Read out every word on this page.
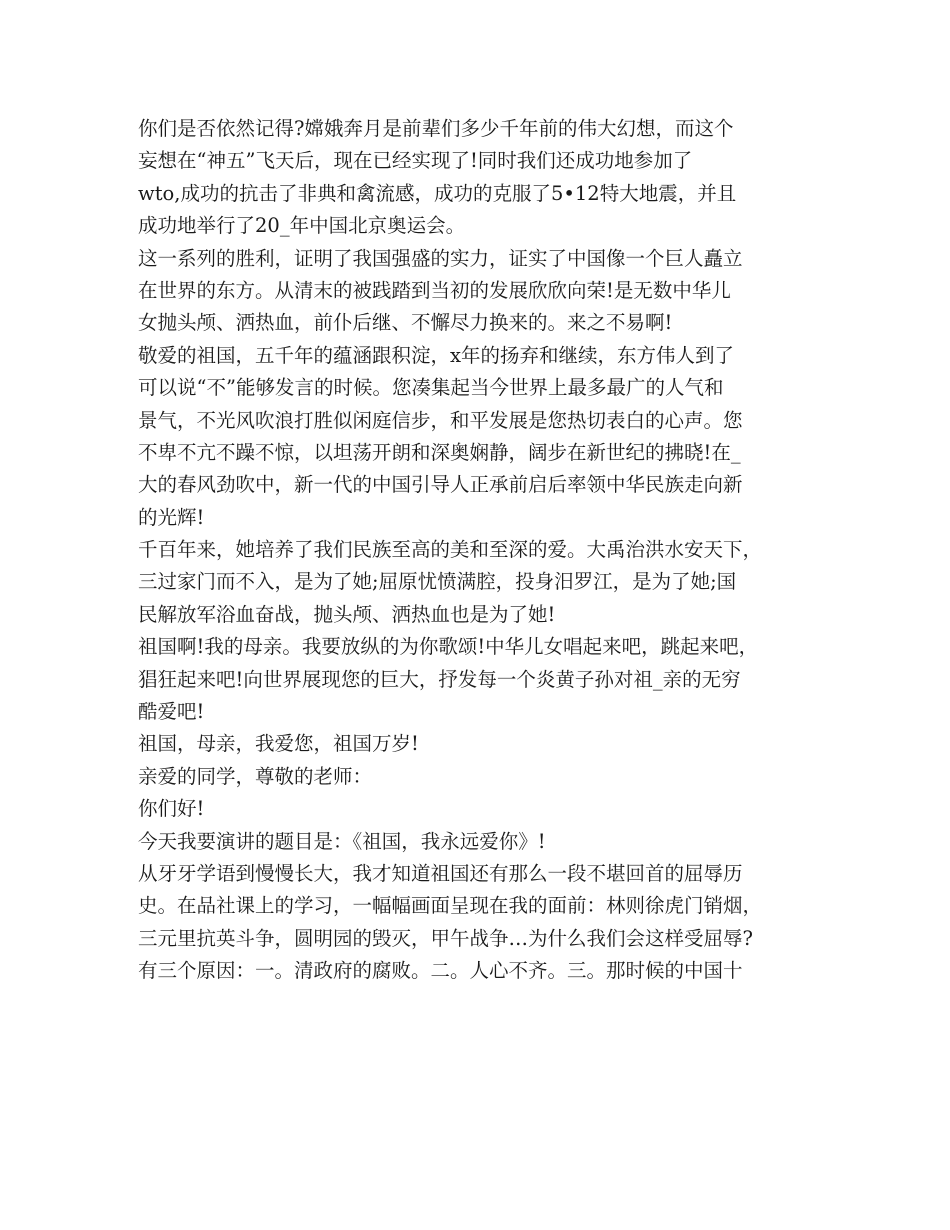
你们是否依然记得?嫦娥奔月是前辈们多少千年前的伟大幻想，而这个
妄想在“神五”飞天后，现在已经实现了!同时我们还成功地参加了
wto,成功的抗击了非典和禽流感，成功的克服了5•12特大地震，并且
成功地举行了20_年中国北京奥运会。
这一系列的胜利，证明了我国强盛的实力，证实了中国像一个巨人矗立
在世界的东方。从清末的被践踏到当初的发展欣欣向荣!是无数中华儿
女抛头颅、洒热血，前仆后继、不懈尽力换来的。来之不易啊!
敬爱的祖国，五千年的蕴涵跟积淀，x年的扬弃和继续，东方伟人到了
可以说“不”能够发言的时候。您凑集起当今世界上最多最广的人气和
景气，不光风吹浪打胜似闲庭信步，和平发展是您热切表白的心声。您
不卑不亢不躁不惊，以坦荡开朗和深奥娴静，阔步在新世纪的拂晓!在_
大的春风劲吹中，新一代的中国引导人正承前启后率领中华民族走向新
的光辉!
千百年来，她培养了我们民族至高的美和至深的爱。大禹治洪水安天下，
三过家门而不入，是为了她;屈原忧愤满腔，投身汨罗江，是为了她;国
民解放军浴血奋战，抛头颅、洒热血也是为了她!
祖国啊!我的母亲。我要放纵的为你歌颂!中华儿女唱起来吧，跳起来吧，
猖狂起来吧!向世界展现您的巨大，抒发每一个炎黄子孙对祖_亲的无穷
酷爱吧!
祖国，母亲，我爱您，祖国万岁!
亲爱的同学，尊敬的老师：
你们好!
今天我要演讲的题目是：《祖国，我永远爱你》!
从牙牙学语到慢慢长大，我才知道祖国还有那么一段不堪回首的屈辱历
史。在品社课上的学习，一幅幅画面呈现在我的面前：林则徐虎门销烟，
三元里抗英斗争，圆明园的毁灭，甲午战争…为什么我们会这样受屈辱?
有三个原因：一。清政府的腐败。二。人心不齐。三。那时候的中国十
